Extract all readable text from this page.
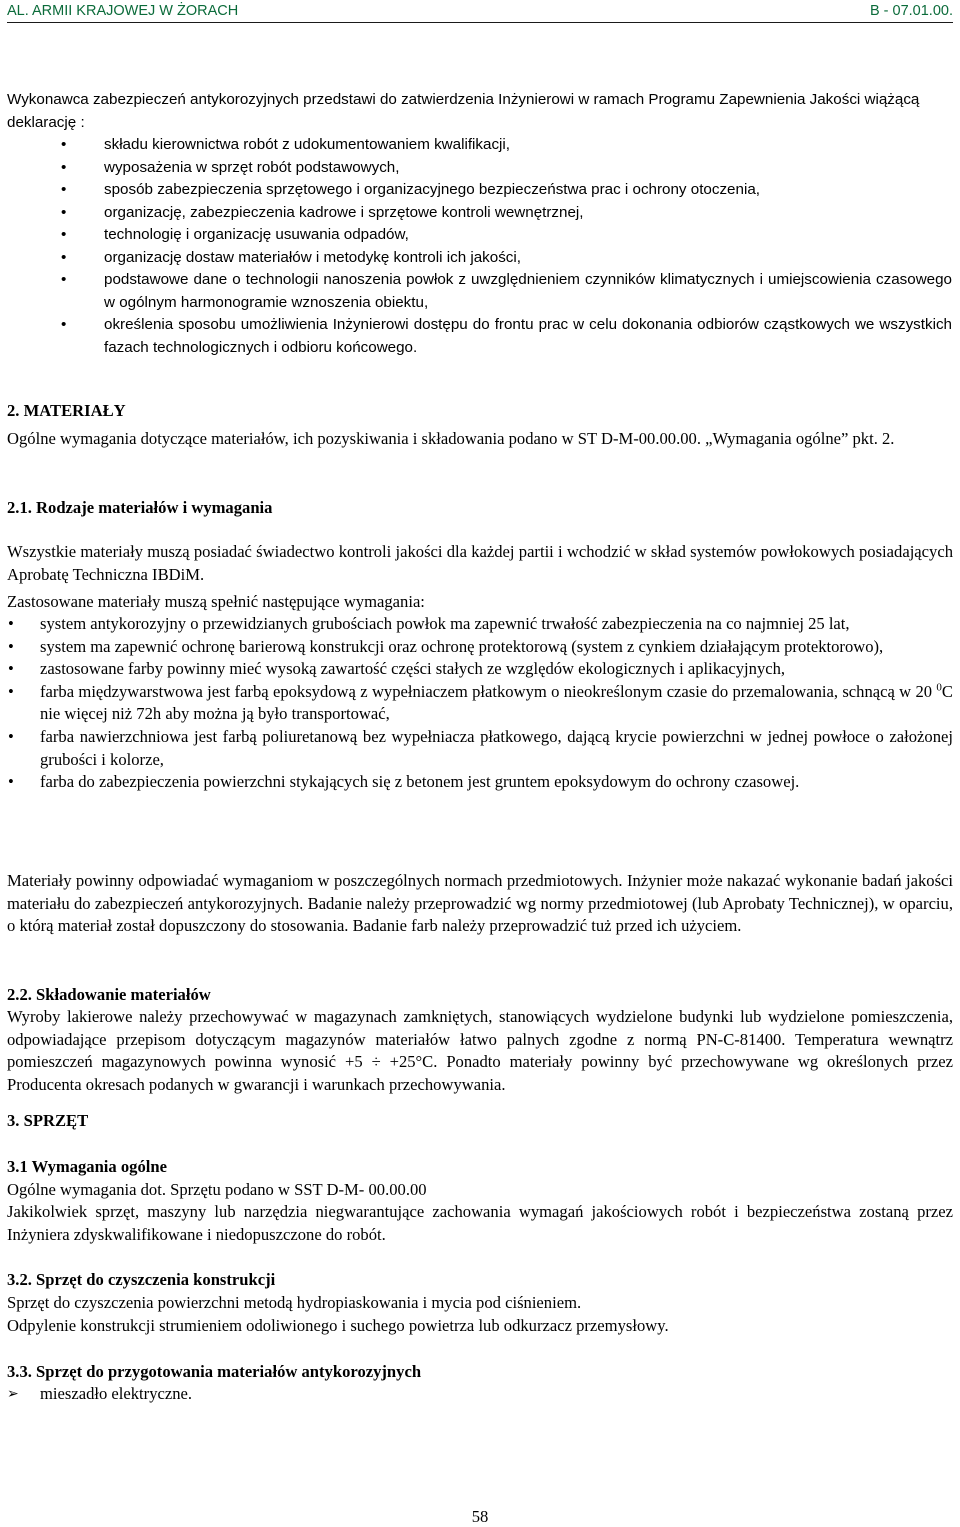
AL. ARMII KRAJOWEJ W ŻORACH	B - 07.01.00.

Wykonawca zabezpieczeń antykorozyjnych przedstawi do zatwierdzenia Inżynierowi w ramach Programu Zapewnienia Jakości wiążącą deklarację :

• składu kierownictwa robót z udokumentowaniem kwalifikacji,
• wyposażenia w sprzęt robót podstawowych,
• sposób zabezpieczenia sprzętowego i organizacyjnego bezpieczeństwa prac i ochrony otoczenia,
• organizację, zabezpieczenia kadrowe i sprzętowe kontroli wewnętrznej,
• technologię i organizację usuwania odpadów,
• organizację dostaw materiałów i metodykę kontroli ich jakości,
• podstawowe dane o technologii nanoszenia powłok z uwzględnieniem czynników klimatycznych i umiejscowienia czasowego w ogólnym harmonogramie wznoszenia obiektu,
• określenia sposobu umożliwienia Inżynierowi dostępu do frontu prac w celu dokonania odbiorów cząstkowych we wszystkich fazach technologicznych i odbioru końcowego.

2. MATERIAŁY

Ogólne wymagania dotyczące materiałów, ich pozyskiwania i składowania podano w ST D-M-00.00.00. „Wymagania ogólne” pkt. 2.

2.1. Rodzaje materiałów i wymagania

Wszystkie materiały muszą posiadać świadectwo kontroli jakości dla każdej partii i wchodzić w skład systemów powłokowych posiadających Aprobatę Techniczna IBDiM.

Zastosowane materiały muszą spełnić następujące wymagania:

• system antykorozyjny o przewidzianych grubościach powłok ma zapewnić trwałość zabezpieczenia na co najmniej 25 lat,
• system ma zapewnić ochronę barierową konstrukcji oraz ochronę protektorową (system z cynkiem działającym protektorowo),
• zastosowane farby powinny mieć wysoką zawartość części stałych ze względów ekologicznych i aplikacyjnych,
• farba międzywarstwowa jest farbą epoksydową z wypełniaczem płatkowym o nieokreślonym czasie do przemalowania, schnącą w 20 $^0$C nie więcej niż 72h aby można ją było transportować,
• farba nawierzchniowa jest farbą poliuretanową bez wypełniacza płatkowego, dającą krycie powierzchni w jednej powłoce o założonej grubości i kolorze,
• farba do zabezpieczenia powierzchni stykających się z betonem jest gruntem epoksydowym do ochrony czasowej.

Materiały powinny odpowiadać wymaganiom w poszczególnych normach przedmiotowych. Inżynier może nakazać wykonanie badań jakości materiału do zabezpieczeń antykorozyjnych. Badanie należy przeprowadzić wg normy przedmiotowej (lub Aprobaty Technicznej), w oparciu, o którą materiał został dopuszczony do stosowania. Badanie farb należy przeprowadzić tuż przed ich użyciem.

2.2. Składowanie materiałów

Wyroby lakierowe należy przechowywać w magazynach zamkniętych, stanowiących wydzielone budynki lub wydzielone pomieszczenia, odpowiadające przepisom dotyczącym magazynów materiałów łatwo palnych zgodne z normą PN-C-81400. Temperatura wewnątrz pomieszczeń magazynowych powinna wynosić +5 ÷ +25°C. Ponadto materiały powinny być przechowywane wg określonych przez Producenta okresach podanych w gwarancji i warunkach przechowywania.

3. SPRZĘT

3.1 Wymagania ogólne

Ogólne wymagania dot. Sprzętu podano w SST D-M- 00.00.00

Jakikolwiek sprzęt, maszyny lub narzędzia niegwarantujące zachowania wymagań jakościowych robót i bezpieczeństwa zostaną przez Inżyniera zdyskwalifikowane i niedopuszczone do robót.

3.2. Sprzęt do czyszczenia konstrukcji

Sprzęt do czyszczenia powierzchni metodą hydropiaskowania i mycia pod ciśnieniem.

Odpylenie konstrukcji strumieniem odoliwionego i suchego powietrza lub odkurzacz przemysłowy.

3.3. Sprzęt do przygotowania materiałów antykorozyjnych

➢ mieszadło elektryczne.
58
